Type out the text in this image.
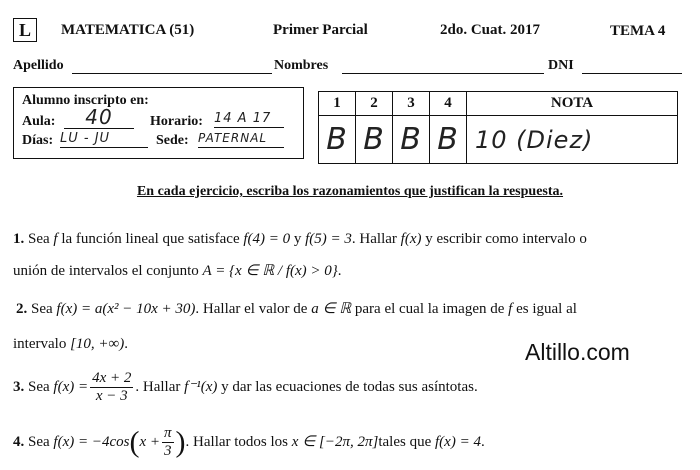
L	MATEMATICA (51)	Primer Parcial	2do. Cuat. 2017	TEMA 4
Apellido	Nombres	DNI
Alumno inscripto en:
Aula:	40	Horario: 14 A 17
Días: LU - JU	Sede: PATERNAL
1	2	3	4	NOTA
B	B	B	B	10 (Diez)
En cada ejercicio, escriba los razonamientos que justifican la respuesta.
1. Sea f la función lineal que satisface f(4) = 0 y f(5) = 3. Hallar f(x) y escribir como intervalo o
unión de intervalos el conjunto A = {x ∈ ℝ / f(x) > 0}.
2. Sea f(x) = a(x² − 10x + 30). Hallar el valor de a ∈ ℝ para el cual la imagen de f es igual al
intervalo [10, +∞).	Altillo.com
3. Sea $f(x) = \frac{4x + 2}{x - 3}$ . Hallar f⁻¹(x) y dar las ecuaciones de todas sus asíntotas.
4. Sea $f(x) = -4\cos(x + \frac{\pi}{3}$ ). Hallar todos los x ∈ [−2π, 2π]tales que f(x) = 4.
